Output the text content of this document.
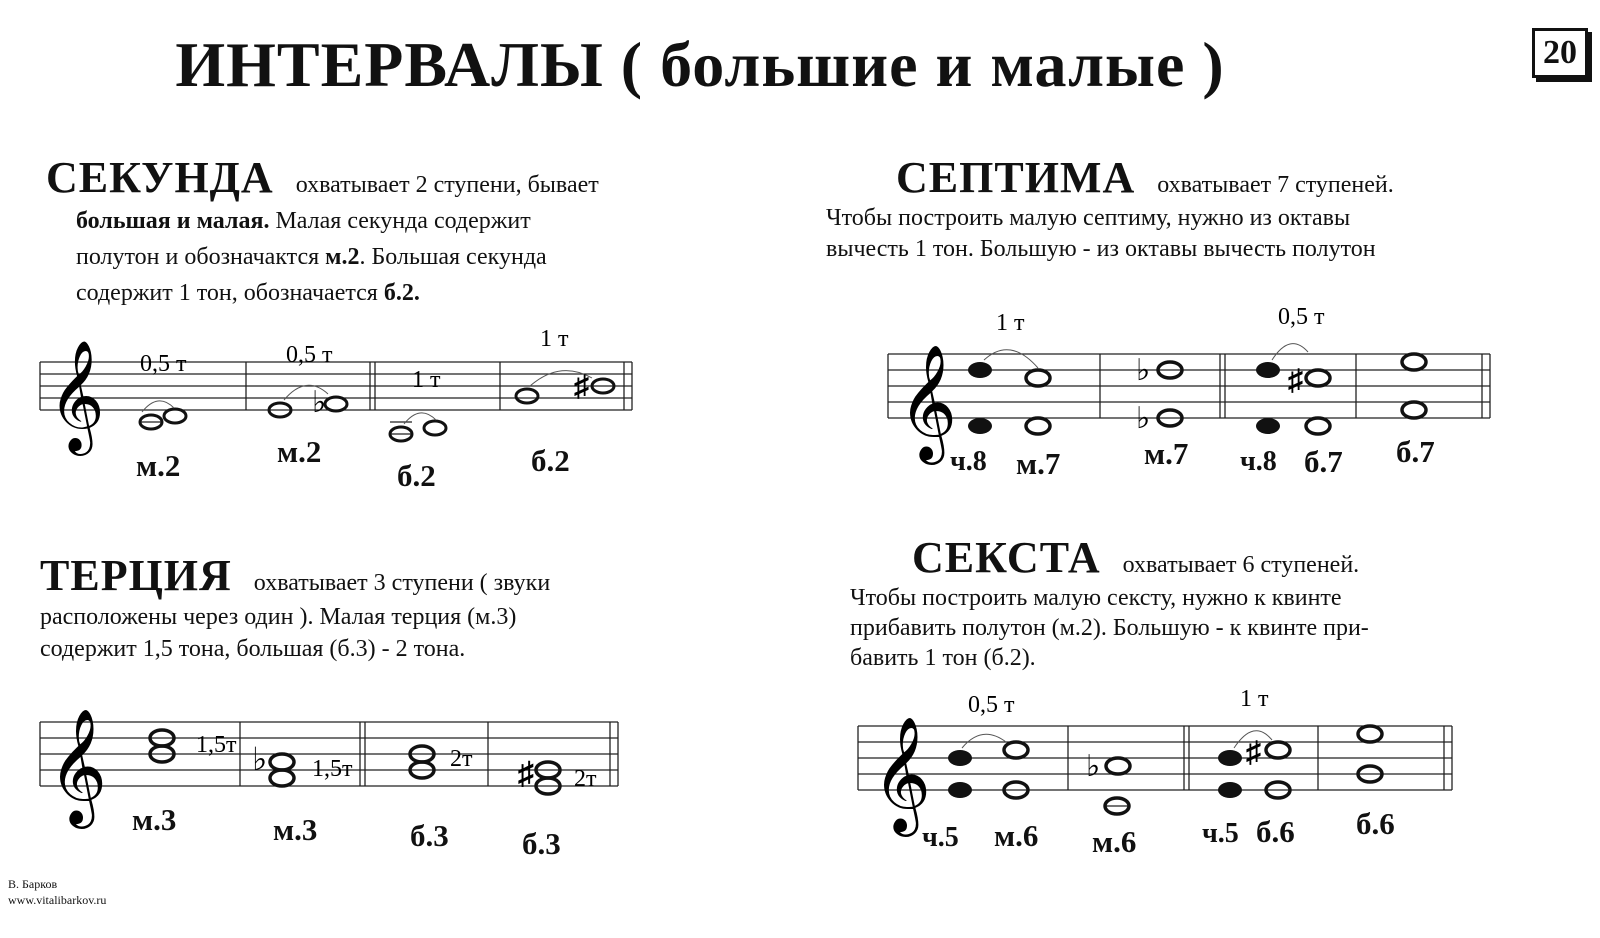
ИНТЕРВАЛЫ ( большие и малые )	20
СЕКУНДА охватывает 2 ступени, бывает
большая и малая. Малая секунда содержит
полутон и обозначактся м.2. Большая секунда
содержит 1 тон, обозначается б.2.
СЕПТИМА охватывает 7 ступеней.
Чтобы построить малую септиму, нужно из октавы
вычесть 1 тон. Большую - из октавы вычесть полутон
ТЕРЦИЯ охватывает 3 ступени ( звуки
расположены через один ). Малая терция (м.3)
содержит 1,5 тона, большая (б.3) - 2 тона.
СЕКСТА охватывает 6 ступеней.
Чтобы построить малую сексту, нужно к квинте
прибавить полутон (м.2). Большую - к квинте при-
бавить 1 тон (б.2).
𝄞	♭	♯
0,5 т	0,5 т
1 т
1 т
м.2	м.2
б.2	б.2
𝄞	♭	♯
1,5т
1,5т	2т
2т
м.3	м.3	б.3 б.3
𝄞	♭
♭
♯
1 т	0,5 т
ч.8 м.7	м.7 ч.8 б.7 б.7
𝄞	♭	♯
0,5 т	1 т
ч.5 м.6 м.6 ч.5 б.6 б.6
В. Барков
www.vitalibarkov.ru
